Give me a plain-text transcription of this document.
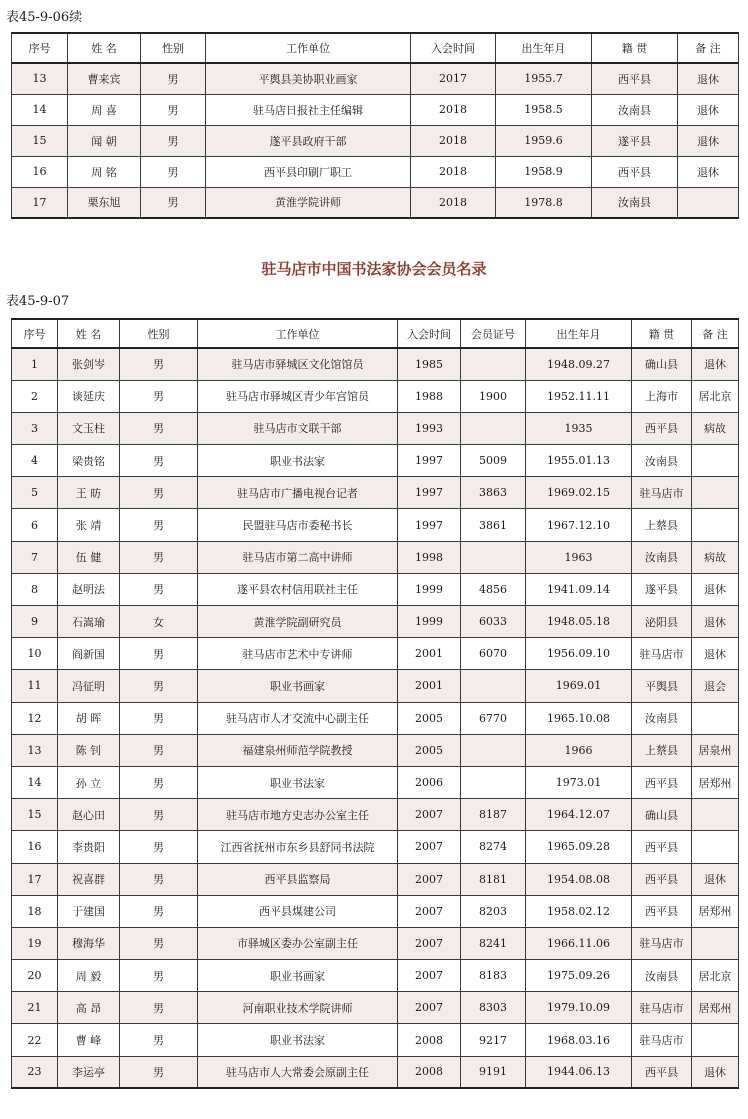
表45-9-06续
序号	姓 名	性别	工作单位	入会时间	出生年月	籍 贯	备 注
13	曹来宾	男	平舆县美协职业画家	2017	1955.7	西平县	退休
14	周 喜	男	驻马店日报社主任编辑	2018	1958.5	汝南县	退休
15	闻 朝	男	遂平县政府干部	2018	1959.6	遂平县	退休
16	周 铭	男	西平县印刷厂职工	2018	1958.9	西平县	退休
17	栗东旭	男	黄淮学院讲师	2018	1978.8	汝南县	
驻马店市中国书法家协会会员名录
表45-9-07
序号	姓 名	性别	工作单位	入会时间	会员证号	出生年月	籍 贯	备 注
1	张剑岑	男	驻马店市驿城区文化馆馆员	1985		1948.09.27	确山县	退休
2	谈延庆	男	驻马店市驿城区青少年宫馆员	1988	1900	1952.11.11	上海市	居北京
3	文玉柱	男	驻马店市文联干部	1993		1935	西平县	病故
4	梁贵铭	男	职业书法家	1997	5009	1955.01.13	汝南县	
5	王 昉	男	驻马店市广播电视台记者	1997	3863	1969.02.15	驻马店市	
6	张 靖	男	民盟驻马店市委秘书长	1997	3861	1967.12.10	上蔡县	
7	伍 健	男	驻马店市第二高中讲师	1998		1963	汝南县	病故
8	赵明法	男	遂平县农村信用联社主任	1999	4856	1941.09.14	遂平县	退休
9	石嵩瑜	女	黄淮学院副研究员	1999	6033	1948.05.18	泌阳县	退休
10	阎新国	男	驻马店市艺术中专讲师	2001	6070	1956.09.10	驻马店市	退休
11	冯征明	男	职业书画家	2001		1969.01	平舆县	退会
12	胡 晖	男	驻马店市人才交流中心副主任	2005	6770	1965.10.08	汝南县	
13	陈 钊	男	福建泉州师范学院教授	2005		1966	上蔡县	居泉州
14	孙 立	男	职业书法家	2006		1973.01	西平县	居郑州
15	赵心田	男	驻马店市地方史志办公室主任	2007	8187	1964.12.07	确山县	
16	李贵阳	男	江西省抚州市东乡县舒同书法院	2007	8274	1965.09.28	西平县	
17	祝喜群	男	西平县监察局	2007	8181	1954.08.08	西平县	退休
18	于建国	男	西平县煤建公司	2007	8203	1958.02.12	西平县	居郑州
19	穆海华	男	市驿城区委办公室副主任	2007	8241	1966.11.06	驻马店市	
20	周 毅	男	职业书画家	2007	8183	1975.09.26	汝南县	居北京
21	高 昂	男	河南职业技术学院讲师	2007	8303	1979.10.09	驻马店市	居郑州
22	曹 峰	男	职业书法家	2008	9217	1968.03.16	驻马店市	
23	李运亭	男	驻马店市人大常委会原副主任	2008	9191	1944.06.13	西平县	退休
